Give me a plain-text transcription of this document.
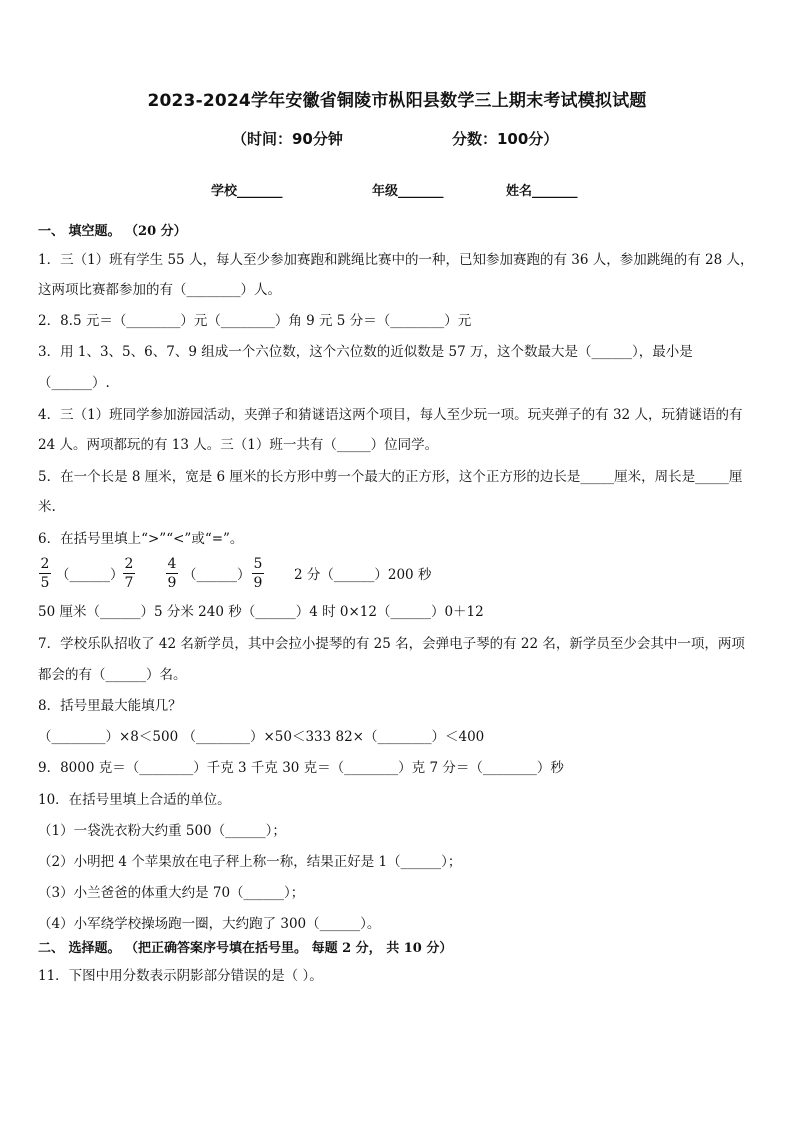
2023-2024学年安徽省铜陵市枞阳县数学三上期末考试模拟试题
（时间：90分钟	分数：100分）
学校_______	年级_______	姓名_______
一、 填空题。 （20 分）
1．三（1）班有学生 55 人，每人至少参加赛跑和跳绳比赛中的一种，已知参加赛跑的有 36 人，参加跳绳的有 28 人，
这两项比赛都参加的有（________）人。
2．8.5 元＝（________）元（________）角 9 元 5 分＝（________）元
3．用 1、3、5、6、7、9 组成一个六位数，这个六位数的近似数是 57 万，这个数最大是（______），最小是
（______）.
4．三（1）班同学参加游园活动，夹弹子和猜谜语这两个项目，每人至少玩一项。玩夹弹子的有 32 人，玩猜谜语的有
24 人。两项都玩的有 13 人。三（1）班一共有（_____）位同学。
5．在一个长是 8 厘米，宽是 6 厘米的长方形中剪一个最大的正方形，这个正方形的边长是_____厘米，周长是_____厘
米.
6．在括号里填上“>”“<”或“=”。
2
5 （______）
2
7
4
9 （______）
5
9 2 分（______）200 秒
50 厘米（______）5 分米 240 秒（______）4 时 0×12（______）0＋12
7．学校乐队招收了 42 名新学员，其中会拉小提琴的有 25 名，会弹电子琴的有 22 名，新学员至少会其中一项，两项
都会的有（______）名。
8．括号里最大能填几？
（________）×8＜500 （________）×50＜333 82×（________）＜400
9．8000 克＝（________）千克 3 千克 30 克＝（________）克 7 分＝（________）秒
10．在括号里填上合适的单位。
（1）一袋洗衣粉大约重 500（______）；
（2）小明把 4 个苹果放在电子秤上称一称，结果正好是 1（______）；
（3）小兰爸爸的体重大约是 70（______）；
（4）小军绕学校操场跑一圈，大约跑了 300（______）。
二、 选择题。 （把正确答案序号填在括号里。 每题 2 分， 共 10 分）
11．下图中用分数表示阴影部分错误的是（ ）。
